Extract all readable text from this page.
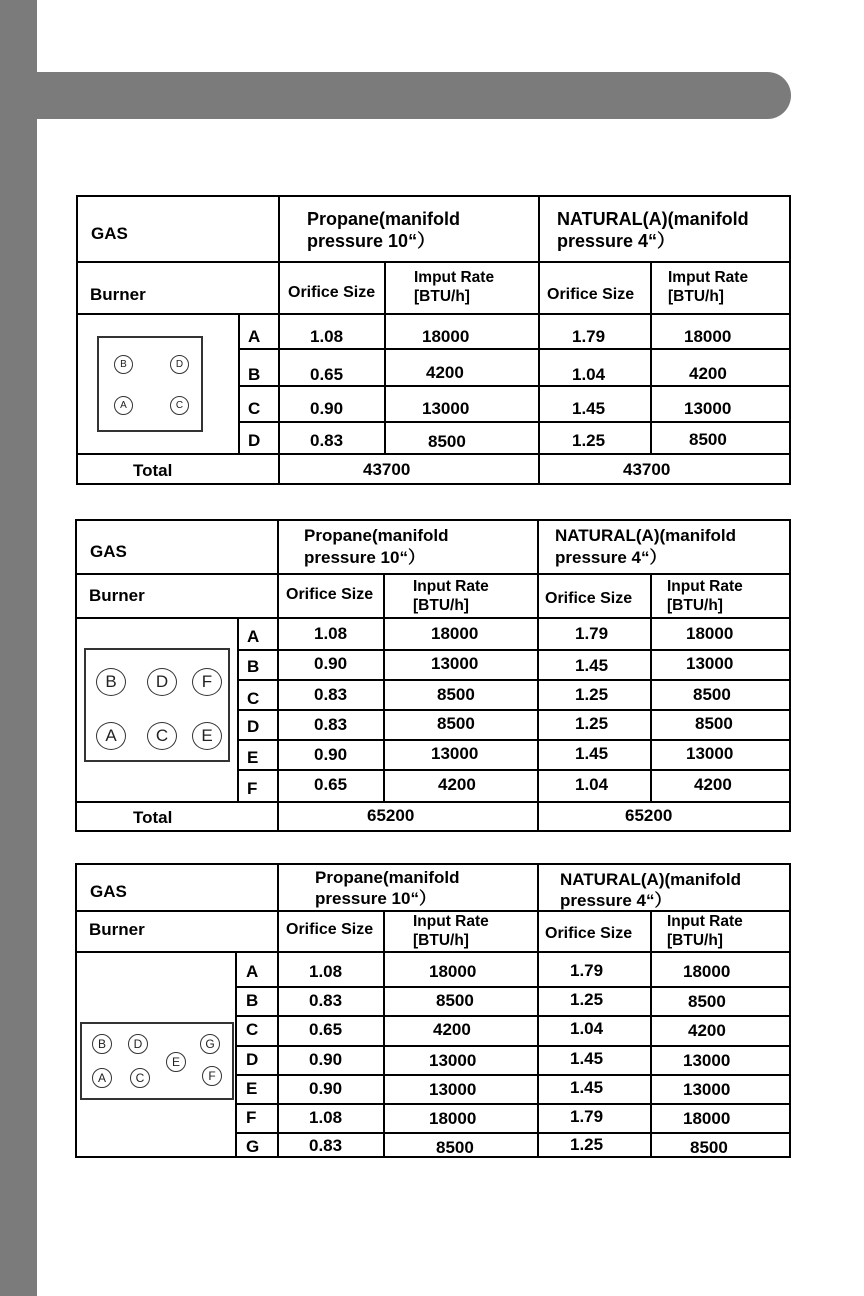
GAS
Propane(manifold
pressure 10“）
NATURAL(A)(manifold
pressure 4“）
Burner	Orifice Size
Imput Rate
[BTU/h]	Orifice Size
Imput Rate
[BTU/h]
A	1.08	18000	1.79	18000
B	0.65	4200	1.04	4200
C	0.90	13000	1.45	13000
D	0.83	8500	1.25	8500
Total	43700	43700
B	D
A	C
GAS
Propane(manifold
pressure 10“）
NATURAL(A)(manifold
pressure 4“）
Burner	Orifice Size	Input Rate
[BTU/h]	Orifice Size
Input Rate
[BTU/h]
A	1.08	18000	1.79	18000
B	0.90	13000	1.45	13000
C	0.83	8500	1.25	8500
D	0.83	8500	1.25	8500
E	0.90	13000	1.45	13000
F	0.65	4200	1.04	4200
Total	65200	65200
B	D	F
A	C	E
GAS
Propane(manifold
pressure 10“）
NATURAL(A)(manifold
pressure 4“）
Burner	Orifice Size	Input Rate
[BTU/h]	Orifice Size
Input Rate
[BTU/h]
A	1.08	18000	1.79	18000
B	0.83	8500	1.25	8500
C	0.65	4200	1.04	4200
D	0.90	13000	1.45	13000
E	0.90	13000	1.45	13000
F	1.08	18000	1.79	18000
G	0.83	8500	1.25	8500
B	D	G
E
A	C	F
